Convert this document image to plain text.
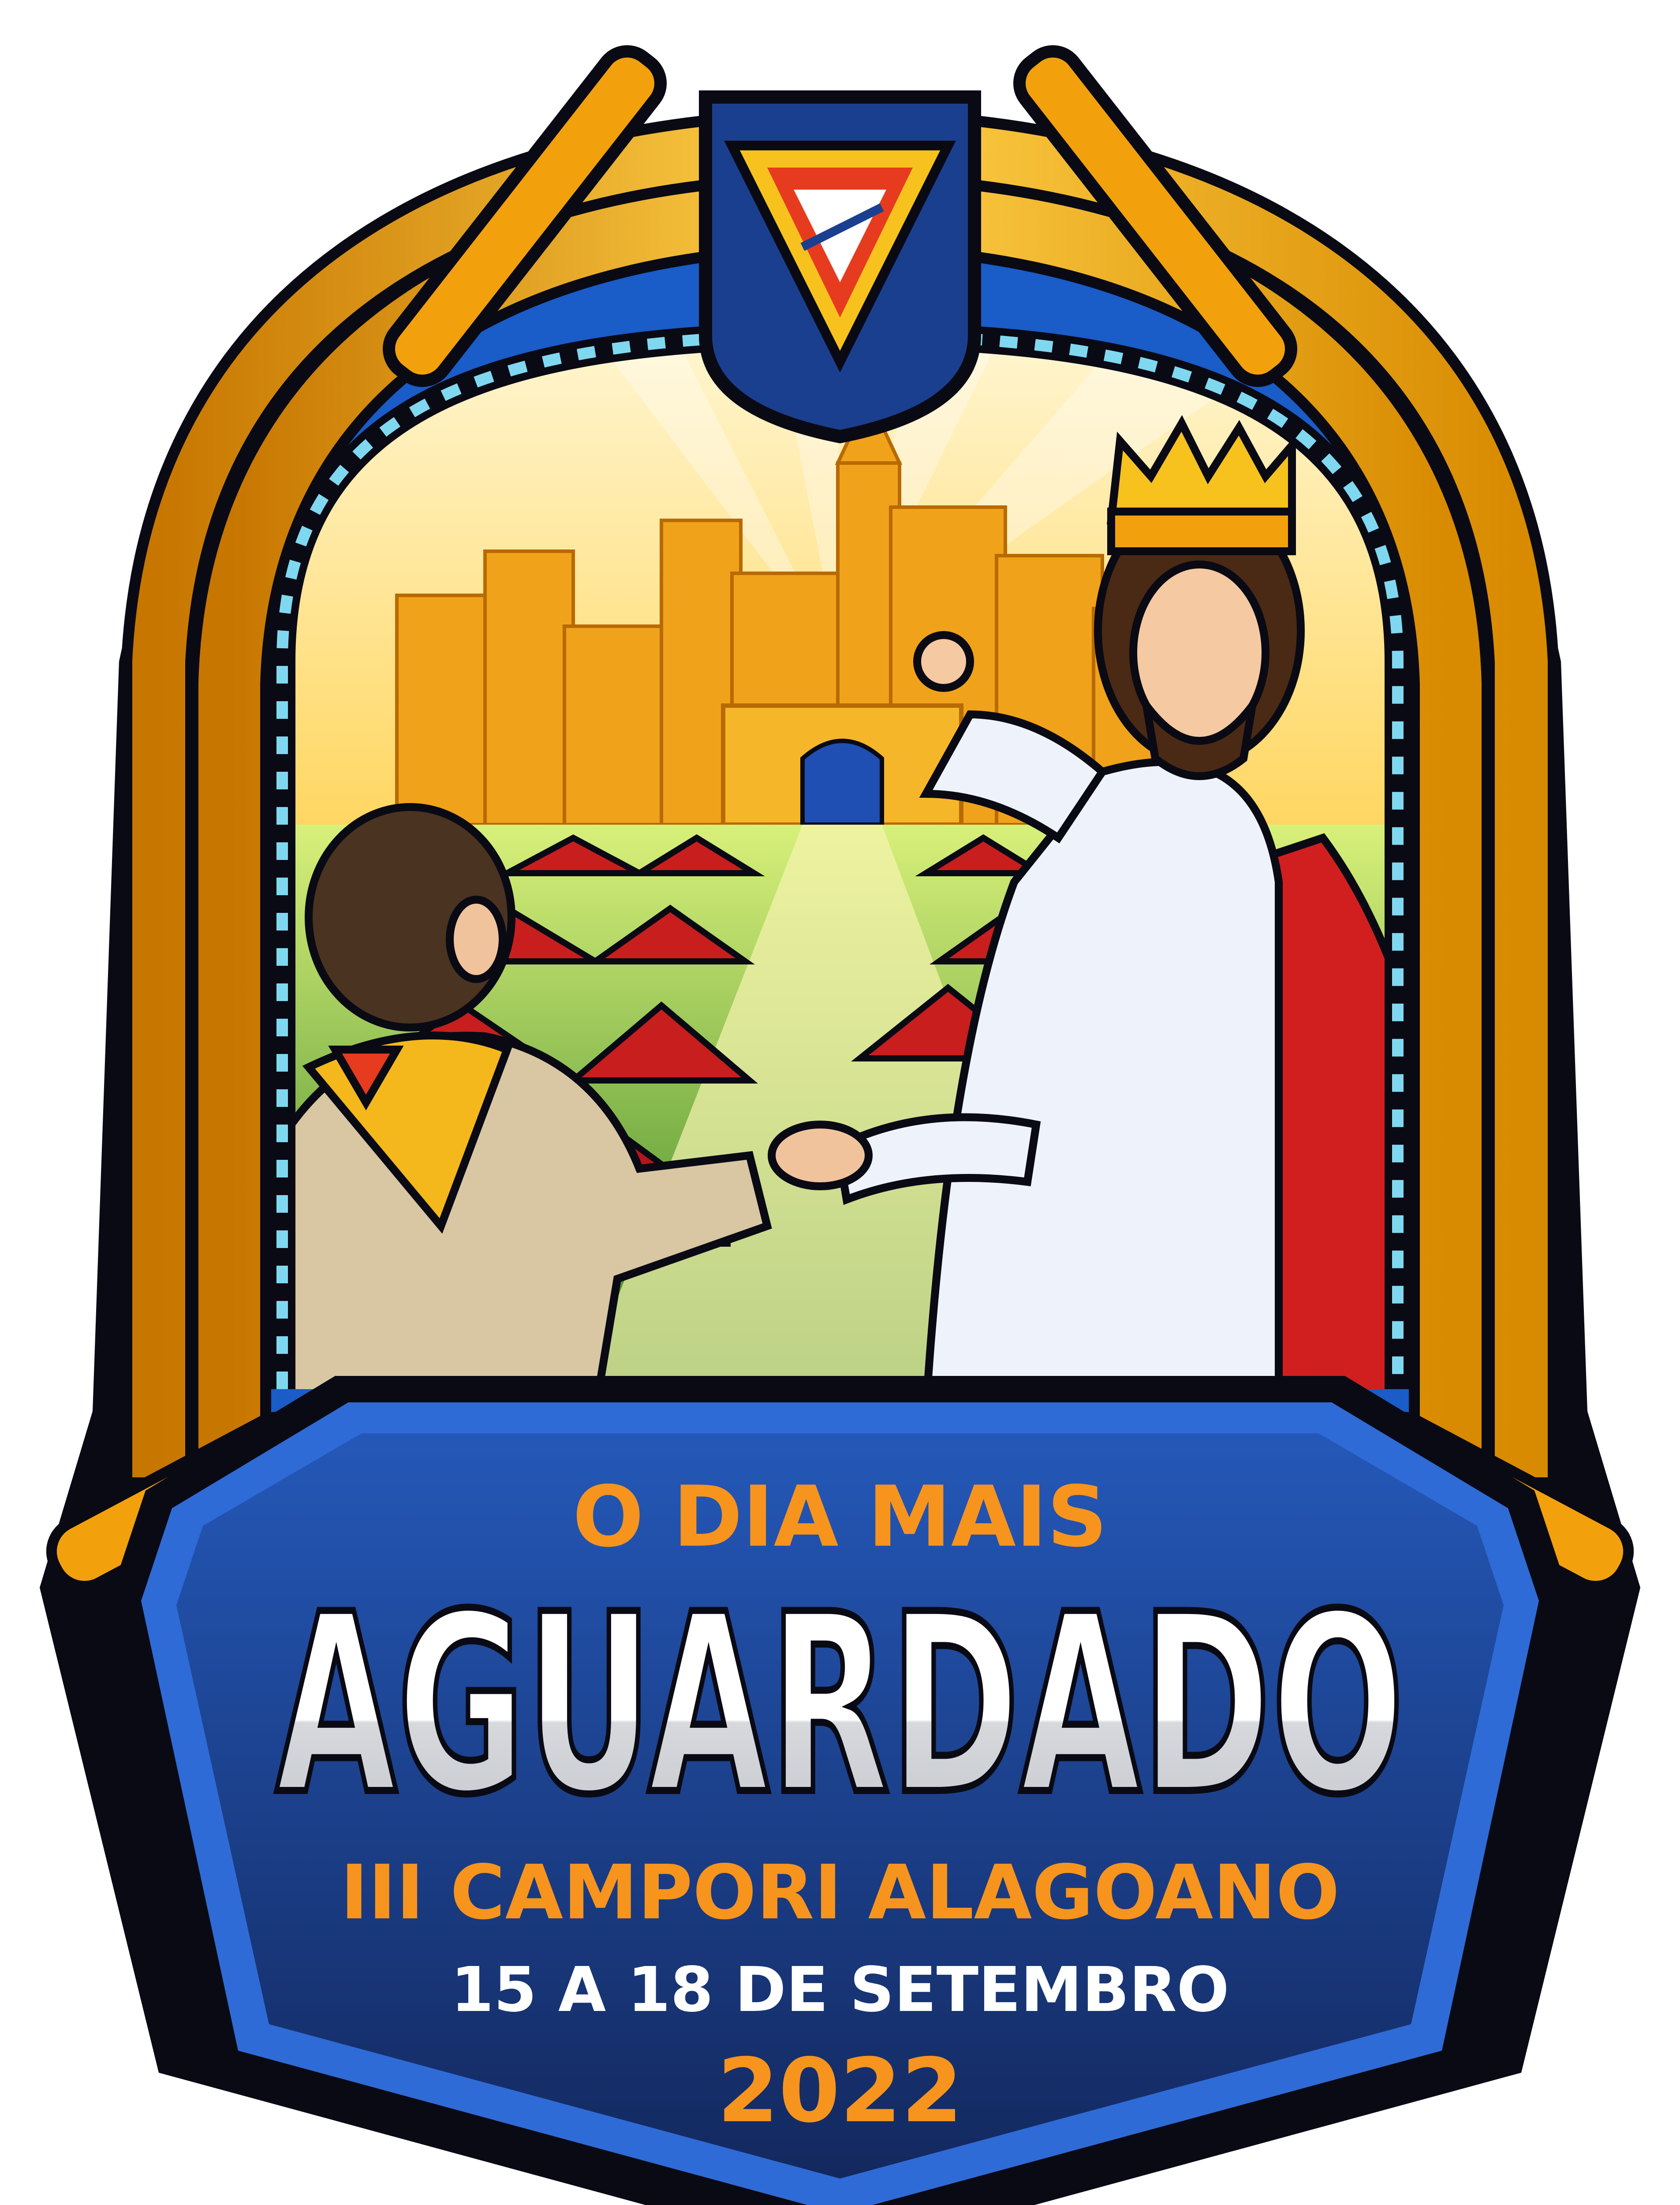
O DIA MAIS
AGUARDADO
III CAMPORI ALAGOANO
15 A 18 DE SETEMBRO
2022
